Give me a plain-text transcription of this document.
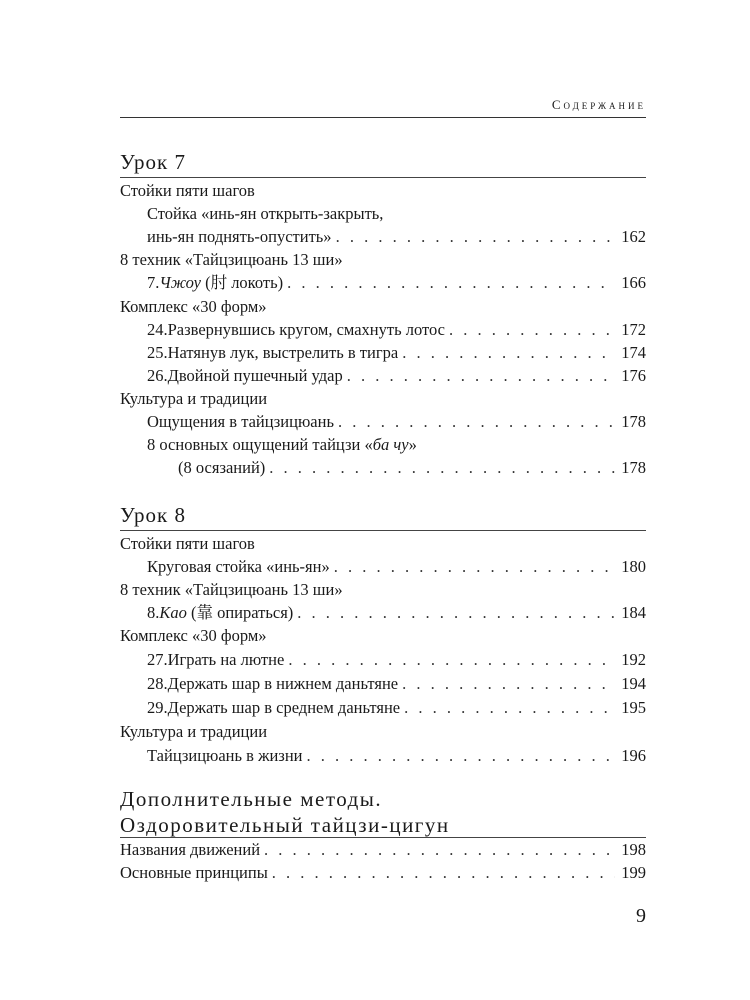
Содержание
Урок 7
Стойки пяти шагов
Стойка «инь-ян открыть-закрыть,
инь-ян поднять-опустить» . . .	162
8 техник «Тайцзицюань 13 ши»
7. Чжоу (肘 локоть) . . .	166
Комплекс «30 форм»
24. Развернувшись кругом, смахнуть лотос . . .	172
25. Натянув лук, выстрелить в тигра . . .	174
26. Двойной пушечный удар . . .	176
Культура и традиции
Ощущения в тайцзицюань . . .	178
8 основных ощущений тайцзи «ба чу»
(8 осязаний) . . .	178
Урок 8
Стойки пяти шагов
Круговая стойка «инь-ян» . . .	180
8 техник «Тайцзицюань 13 ши»
8. Као (靠 опираться) . . .	184
Комплекс «30 форм»
27. Играть на лютне . . .	192
28. Держать шар в нижнем даньтяне . . .	194
29. Держать шар в среднем даньтяне . . .	195
Культура и традиции
Тайцзицюань в жизни . . .	196
Дополнительные методы.
Оздоровительный тайцзи-цигун
Названия движений . . .	198
Основные принципы . . .	199
9
